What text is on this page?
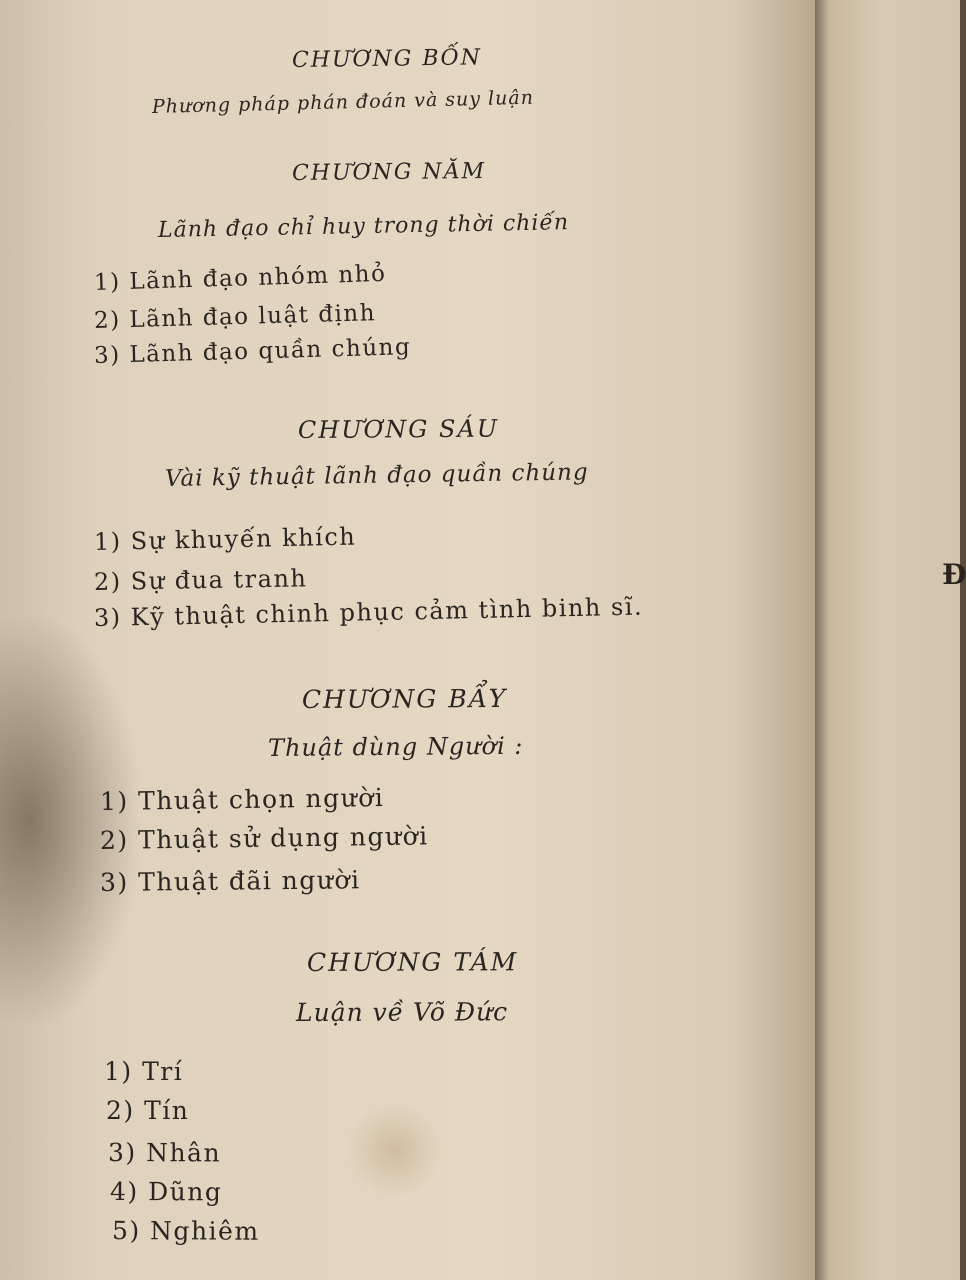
CHƯƠNG BỐN
Phương pháp phán đoán và suy luận
CHƯƠNG NĂM
Lãnh đạo chỉ huy trong thời chiến
1) Lãnh đạo nhóm nhỏ
2) Lãnh đạo luật định
3) Lãnh đạo quần chúng
CHƯƠNG SÁU
Vài kỹ thuật lãnh đạo quần chúng
1) Sự khuyến khích
2) Sự đua tranh
3) Kỹ thuật chinh phục cảm tình binh sĩ.
CHƯƠNG BẨY
Thuật dùng Người :
1) Thuật chọn người
2) Thuật sử dụng người
3) Thuật đãi người
CHƯƠNG TÁM
Luận về Võ Đức
1) Trí
2) Tín
3) Nhân
4) Dũng
5) Nghiêm
Đ
